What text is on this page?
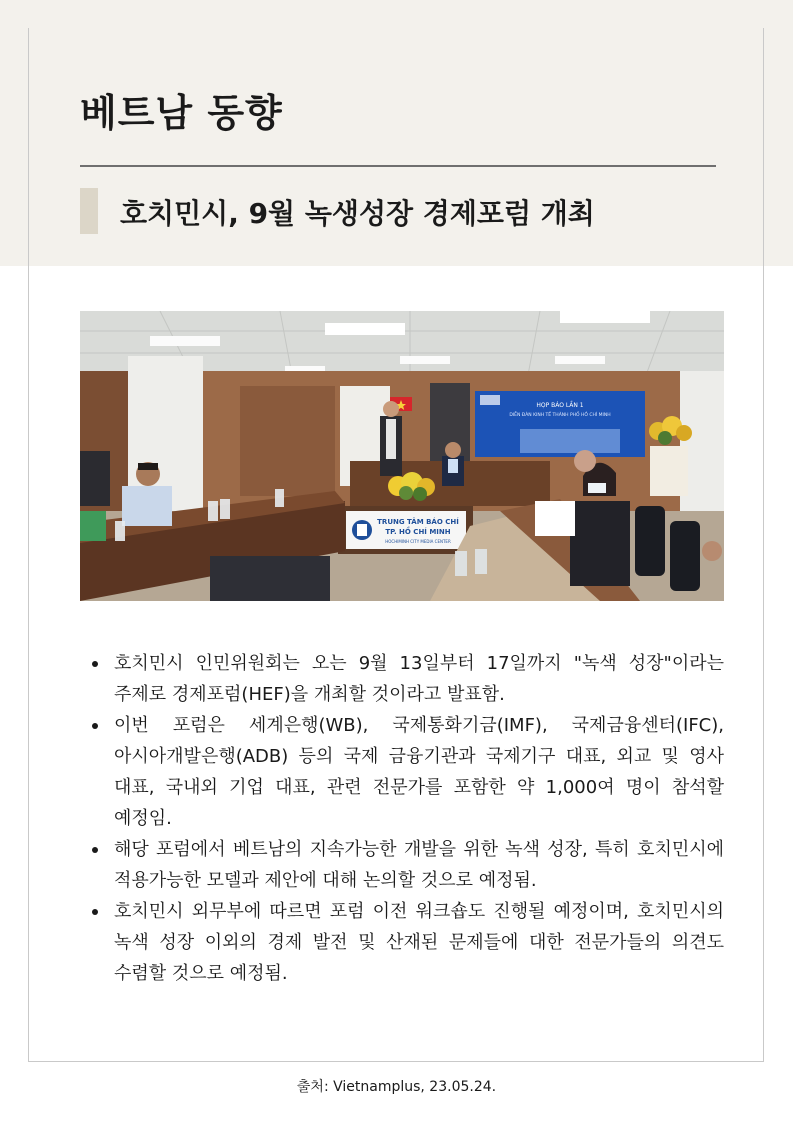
베트남 동향
호치민시, 9월 녹생성장 경제포럼 개최
HỌP BÁO LẦN 1
DIỄN ĐÀN KINH TẾ THÀNH PHỐ HỒ CHÍ MINH
TRUNG TÂM BÁO CHÍ
TP. HỒ CHÍ MINH
HOCHIMINH CITY MEDIA CENTER
호치민시 인민위원회는 오는 9월 13일부터 17일까지 "녹색 성장"이라는 주제로 경제포럼(HEF)을 개최할 것이라고 발표함.
이번 포럼은 세계은행(WB), 국제통화기금(IMF), 국제금융센터(IFC), 아시아개발은행(ADB) 등의 국제 금융기관과 국제기구 대표, 외교 및 영사 대표, 국내외 기업 대표, 관련 전문가를 포함한 약 1,000여 명이 참석할 예정임.
해당 포럼에서 베트남의 지속가능한 개발을 위한 녹색 성장, 특히 호치민시에 적용가능한 모델과 제안에 대해 논의할 것으로 예정됨.
호치민시 외무부에 따르면 포럼 이전 워크숍도 진행될 예정이며, 호치민시의 녹색 성장 이외의 경제 발전 및 산재된 문제들에 대한 전문가들의 의견도 수렴할 것으로 예정됨.

출처: Vietnamplus, 23.05.24.
